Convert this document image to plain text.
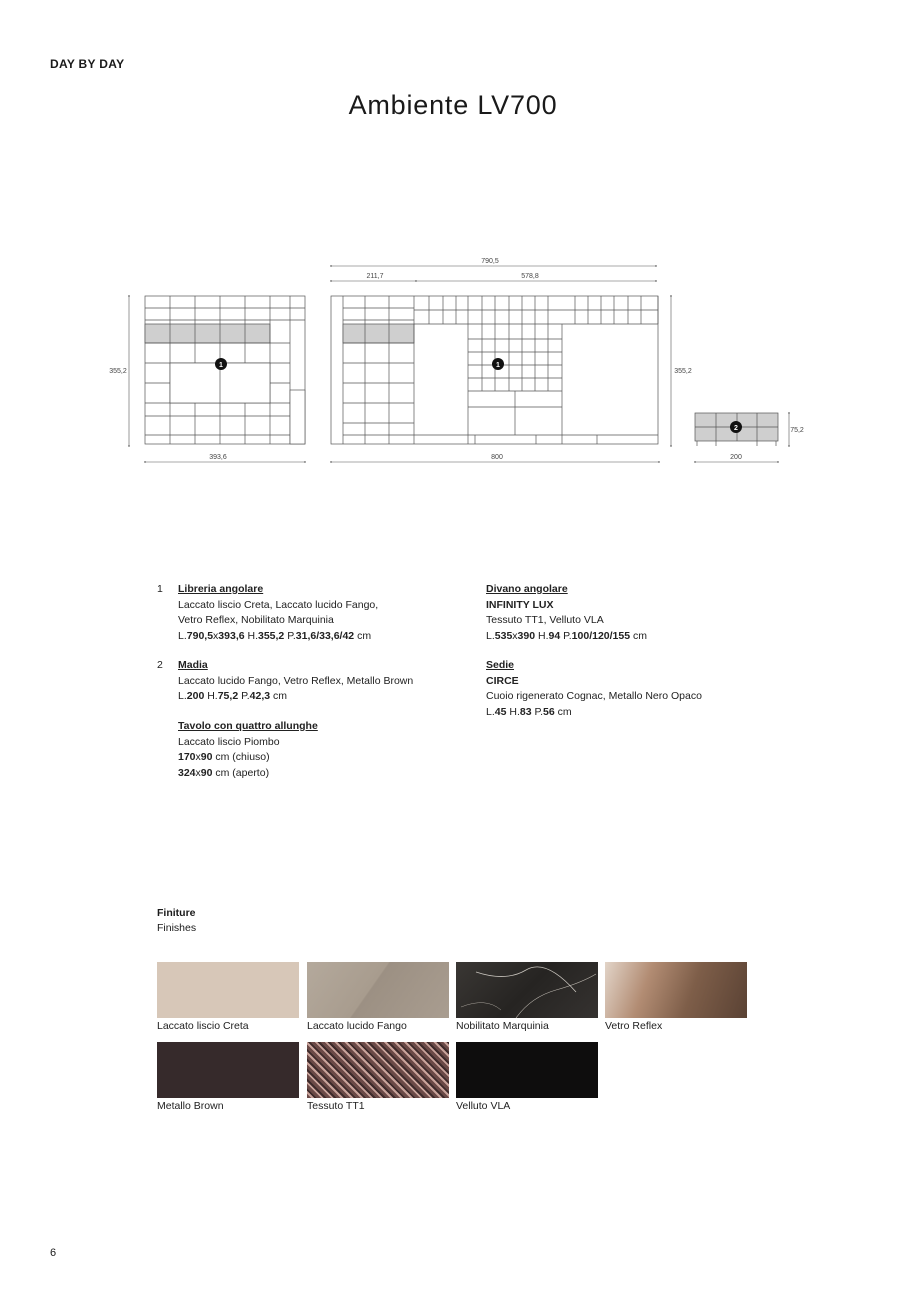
DAY BY DAY
Ambiente LV700
790,5
211,7	578,8
355,2	355,2
393,6	800	200
75,2
1	1
2
1 Libreria angolare
Laccato liscio Creta, Laccato lucido Fango,
Vetro Reflex, Nobilitato Marquinia
L.790,5x393,6 H.355,2 P.31,6/33,6/42 cm
2 Madia
Laccato lucido Fango, Vetro Reflex, Metallo Brown
L.200 H.75,2 P.42,3 cm
Tavolo con quattro allunghe
Laccato liscio Piombo
170x90 cm (chiuso)
324x90 cm (aperto)
Divano angolare
INFINITY LUX
Tessuto TT1, Velluto VLA
L.535x390 H.94 P.100/120/155 cm
Sedie
CIRCE
Cuoio rigenerato Cognac, Metallo Nero Opaco
L.45 H.83 P.56 cm
Finiture
Finishes
Laccato liscio Creta	Laccato lucido Fango	Nobilitato Marquinia	Vetro Reflex
Metallo Brown	Tessuto TT1	Velluto VLA
6
